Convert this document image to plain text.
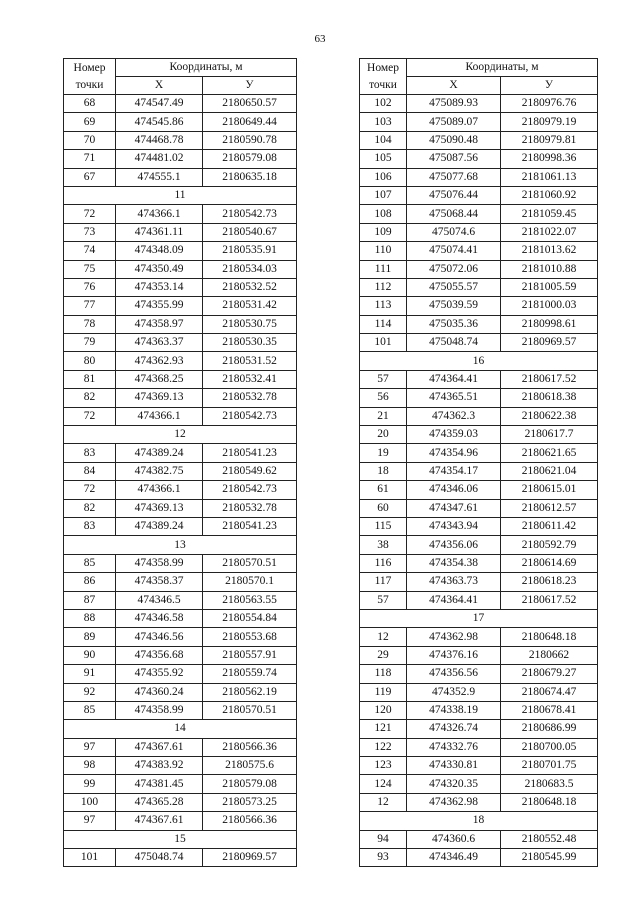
63
Номер
точки	Координаты, м	
	X	У
68	474547.49	2180650.57
69	474545.86	2180649.44
70	474468.78	2180590.78
71	474481.02	2180579.08
67	474555.1	2180635.18
11		
72	474366.1	2180542.73
73	474361.11	2180540.67
74	474348.09	2180535.91
75	474350.49	2180534.03
76	474353.14	2180532.52
77	474355.99	2180531.42
78	474358.97	2180530.75
79	474363.37	2180530.35
80	474362.93	2180531.52
81	474368.25	2180532.41
82	474369.13	2180532.78
72	474366.1	2180542.73
12		
83	474389.24	2180541.23
84	474382.75	2180549.62
72	474366.1	2180542.73
82	474369.13	2180532.78
83	474389.24	2180541.23
13		
85	474358.99	2180570.51
86	474358.37	2180570.1
87	474346.5	2180563.55
88	474346.58	2180554.84
89	474346.56	2180553.68
90	474356.68	2180557.91
91	474355.92	2180559.74
92	474360.24	2180562.19
85	474358.99	2180570.51
14		
97	474367.61	2180566.36
98	474383.92	2180575.6
99	474381.45	2180579.08
100	474365.28	2180573.25
97	474367.61	2180566.36
15		
101	475048.74	2180969.57
Номер
точки	Координаты, м	
	X	У
102	475089.93	2180976.76
103	475089.07	2180979.19
104	475090.48	2180979.81
105	475087.56	2180998.36
106	475077.68	2181061.13
107	475076.44	2181060.92
108	475068.44	2181059.45
109	475074.6	2181022.07
110	475074.41	2181013.62
111	475072.06	2181010.88
112	475055.57	2181005.59
113	475039.59	2181000.03
114	475035.36	2180998.61
101	475048.74	2180969.57
16		
57	474364.41	2180617.52
56	474365.51	2180618.38
21	474362.3	2180622.38
20	474359.03	2180617.7
19	474354.96	2180621.65
18	474354.17	2180621.04
61	474346.06	2180615.01
60	474347.61	2180612.57
115	474343.94	2180611.42
38	474356.06	2180592.79
116	474354.38	2180614.69
117	474363.73	2180618.23
57	474364.41	2180617.52
17		
12	474362.98	2180648.18
29	474376.16	2180662
118	474356.56	2180679.27
119	474352.9	2180674.47
120	474338.19	2180678.41
121	474326.74	2180686.99
122	474332.76	2180700.05
123	474330.81	2180701.75
124	474320.35	2180683.5
12	474362.98	2180648.18
18		
94	474360.6	2180552.48
93	474346.49	2180545.99
